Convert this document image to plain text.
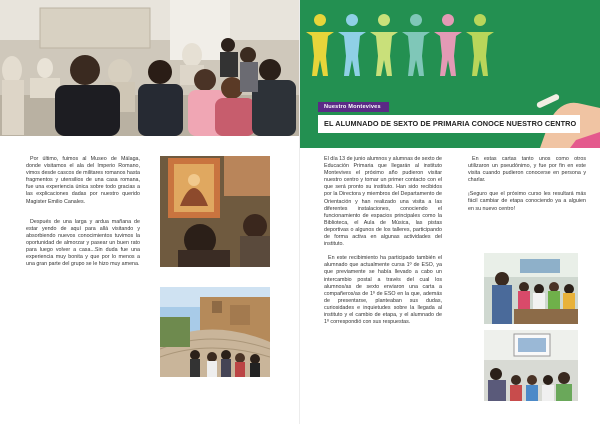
Por último, fuimos al Museo de Málaga, donde visitamos el ala del Imperio Romano, vimos desde cascos de militares romanos hasta fragmentos y utensilios de una casa romana, fue una experiencia única sobre todo gracias a las explicaciones dadas por nuestro querido Magister Emilio Canales.

Después de una larga y ardua mañana de estar yendo de aquí para allá visitando y absorbiendo nuevos conocimientos tuvimos la oportunidad de almorzar y pasear un buen rato para luego volver a casa...Sin duda fue una experiencia muy bonita y que por lo menos a una gran parte del grupo se le hizo muy amena.

Nuestro Montevives
EL ALUMNADO DE SEXTO DE PRIMARIA CONOCE NUESTRO CENTRO

El día 13 de junio alumnos y alumnas de sexto de Educación Primaria que llegarán al instituto Montevives el próximo año pudieron visitar nuestro centro y tomar un primer contacto con el que será pronto su instituto. Han sido recibidos por la Directora y miembros del Departamento de Orientación y han realizado una visita a las diferentes instalaciones, conociendo el funcionamiento de espacios principales como la Biblioteca, el Aula de Música, las pistas deportivas o algunos de los talleres, participando de forma activa en algunas actividades del instituto.

En este recibimiento ha participado también el alumnado que actualmente cursa 1º de ESO, ya que previamente se había llevado a cabo un intercambio postal a través del cual los alumnos/as de sexto enviaron una carta a compañeros/as de 1º de ESO en la que, además de presentarse, planteaban sus dudas, curiosidades e inquietudes sobre la llegada al instituto y el cambio de etapa, y el alumnado de 1º correspondió con sus respuestas.

En estas cartas tanto unos como otros utilizaron un pseudónimo, y fue por fin en este visita cuando pudieron conocerse en persona y charlar.

¡Seguro que el próximo curso les resultará más fácil cambiar de etapa conociendo ya a alguien en su nuevo centro!
